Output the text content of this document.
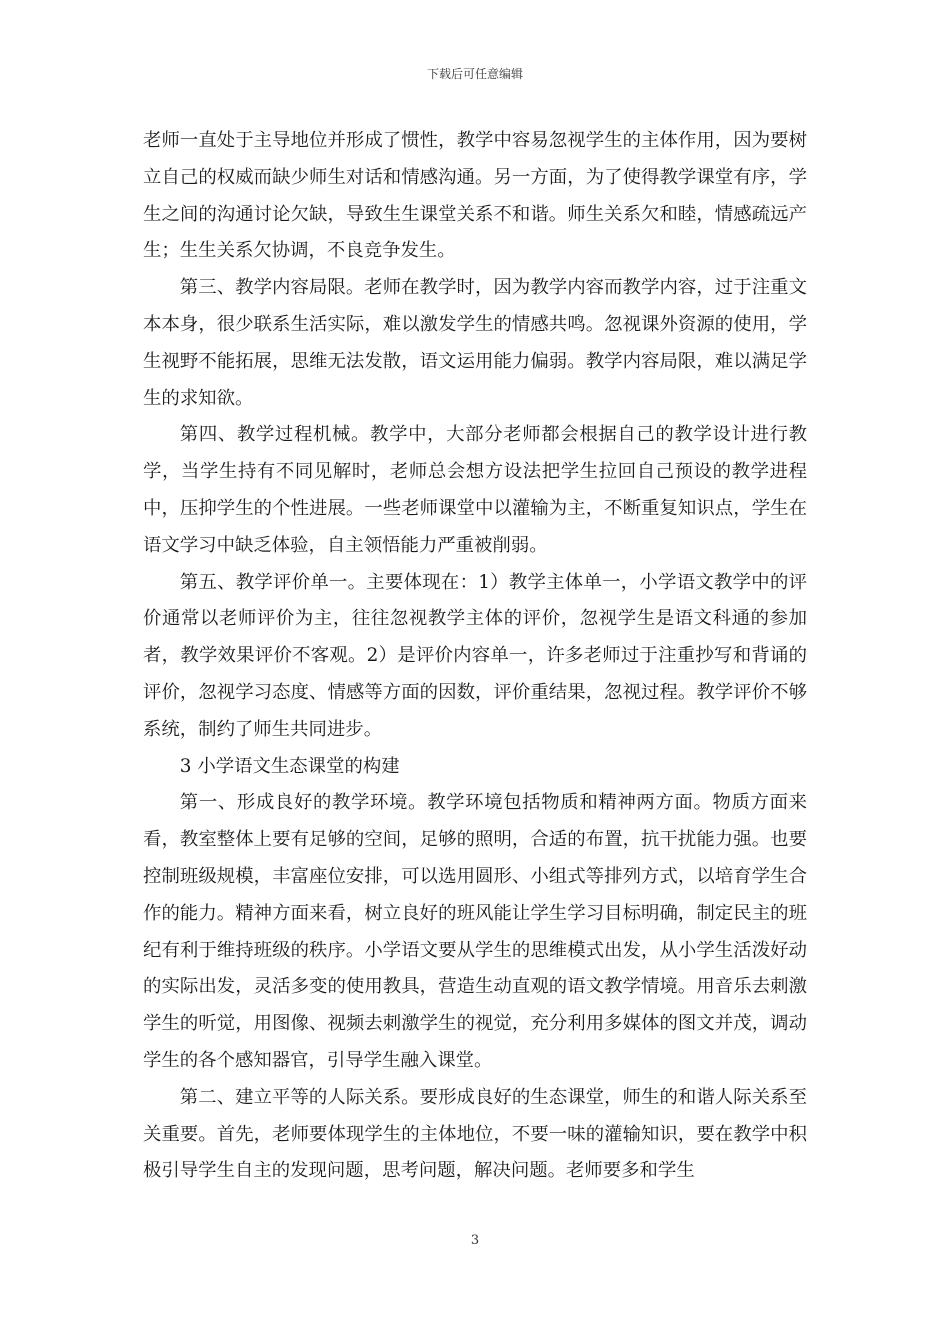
下载后可任意编辑

老师一直处于主导地位并形成了惯性，教学中容易忽视学生的主体作用，因为要树立自己的权威而缺少师生对话和情感沟通。另一方面，为了使得教学课堂有序，学生之间的沟通讨论欠缺，导致生生课堂关系不和谐。师生关系欠和睦，情感疏远产生；生生关系欠协调，不良竞争发生。

第三、教学内容局限。老师在教学时，因为教学内容而教学内容，过于注重文本本身，很少联系生活实际，难以激发学生的情感共鸣。忽视课外资源的使用，学生视野不能拓展，思维无法发散，语文运用能力偏弱。教学内容局限，难以满足学生的求知欲。

第四、教学过程机械。教学中，大部分老师都会根据自己的教学设计进行教学，当学生持有不同见解时，老师总会想方设法把学生拉回自己预设的教学进程中，压抑学生的个性进展。一些老师课堂中以灌输为主，不断重复知识点，学生在语文学习中缺乏体验，自主领悟能力严重被削弱。

第五、教学评价单一。主要体现在：1）教学主体单一，小学语文教学中的评价通常以老师评价为主，往往忽视教学主体的评价，忽视学生是语文科通的参加者，教学效果评价不客观。2）是评价内容单一，许多老师过于注重抄写和背诵的评价，忽视学习态度、情感等方面的因数，评价重结果，忽视过程。教学评价不够系统，制约了师生共同进步。

3 小学语文生态课堂的构建

第一、形成良好的教学环境。教学环境包括物质和精神两方面。物质方面来看，教室整体上要有足够的空间，足够的照明，合适的布置，抗干扰能力强。也要控制班级规模，丰富座位安排，可以选用圆形、小组式等排列方式，以培育学生合作的能力。精神方面来看，树立良好的班风能让学生学习目标明确，制定民主的班纪有利于维持班级的秩序。小学语文要从学生的思维模式出发，从小学生活泼好动的实际出发，灵活多变的使用教具，营造生动直观的语文教学情境。用音乐去刺激学生的听觉，用图像、视频去刺激学生的视觉，充分利用多媒体的图文并茂，调动学生的各个感知器官，引导学生融入课堂。

第二、建立平等的人际关系。要形成良好的生态课堂，师生的和谐人际关系至关重要。首先，老师要体现学生的主体地位，不要一味的灌输知识，要在教学中积极引导学生自主的发现问题，思考问题，解决问题。老师要多和学生

3
